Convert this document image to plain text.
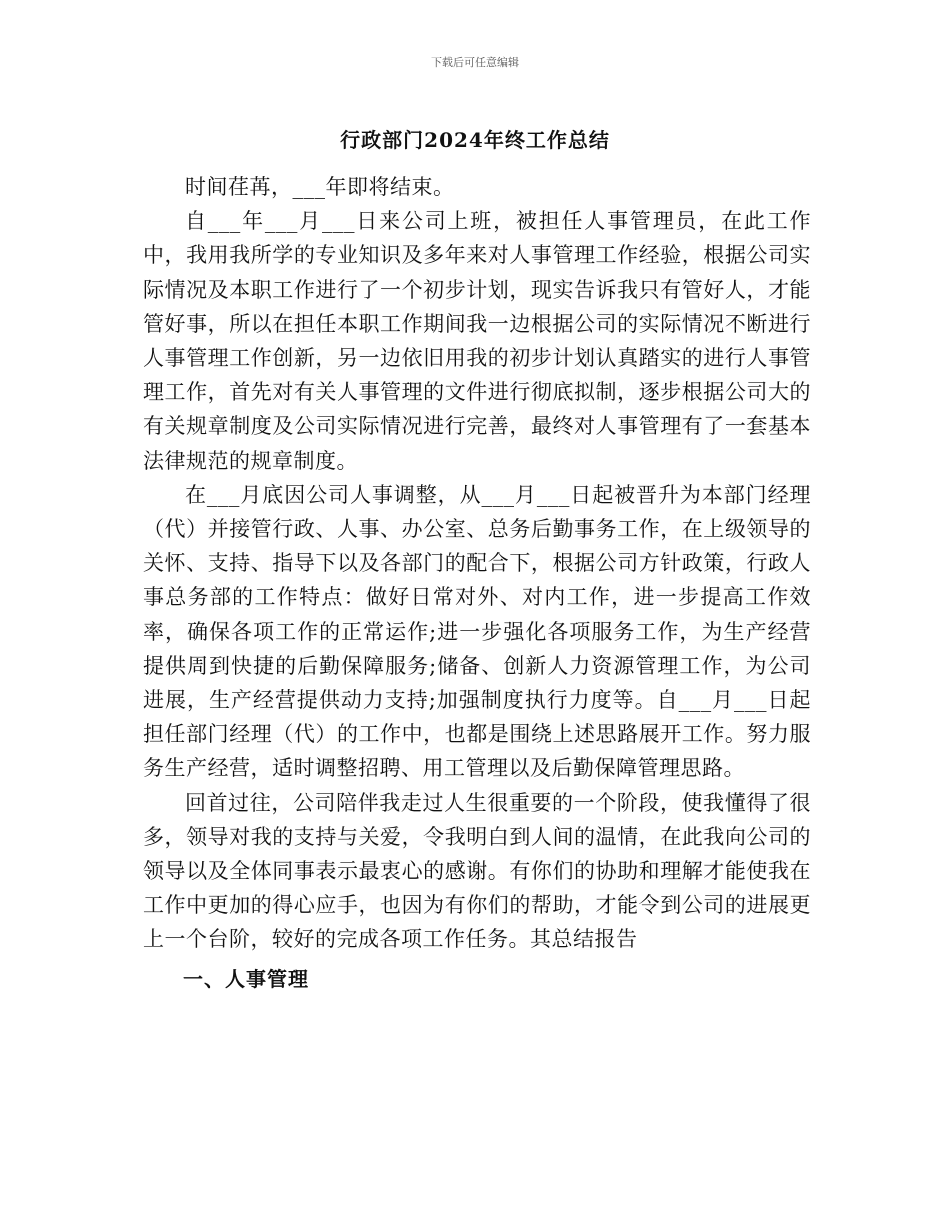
下载后可任意编辑
行政部门2024年终工作总结

时间荏苒，___年即将结束。

自___年___月___日来公司上班，被担任人事管理员，在此工作中，我用我所学的专业知识及多年来对人事管理工作经验，根据公司实际情况及本职工作进行了一个初步计划，现实告诉我只有管好人，才能管好事，所以在担任本职工作期间我一边根据公司的实际情况不断进行人事管理工作创新，另一边依旧用我的初步计划认真踏实的进行人事管理工作，首先对有关人事管理的文件进行彻底拟制，逐步根据公司大的有关规章制度及公司实际情况进行完善，最终对人事管理有了一套基本法律规范的规章制度。

在___月底因公司人事调整，从___月___日起被晋升为本部门经理（代）并接管行政、人事、办公室、总务后勤事务工作，在上级领导的关怀、支持、指导下以及各部门的配合下，根据公司方针政策，行政人事总务部的工作特点：做好日常对外、对内工作，进一步提高工作效率，确保各项工作的正常运作;进一步强化各项服务工作，为生产经营提供周到快捷的后勤保障服务;储备、创新人力资源管理工作，为公司进展，生产经营提供动力支持;加强制度执行力度等。自___月___日起担任部门经理（代）的工作中，也都是围绕上述思路展开工作。努力服务生产经营，适时调整招聘、用工管理以及后勤保障管理思路。

回首过往，公司陪伴我走过人生很重要的一个阶段，使我懂得了很多，领导对我的支持与关爱，令我明白到人间的温情，在此我向公司的领导以及全体同事表示最衷心的感谢。有你们的协助和理解才能使我在工作中更加的得心应手，也因为有你们的帮助，才能令到公司的进展更上一个台阶，较好的完成各项工作任务。其总结报告

一、人事管理
